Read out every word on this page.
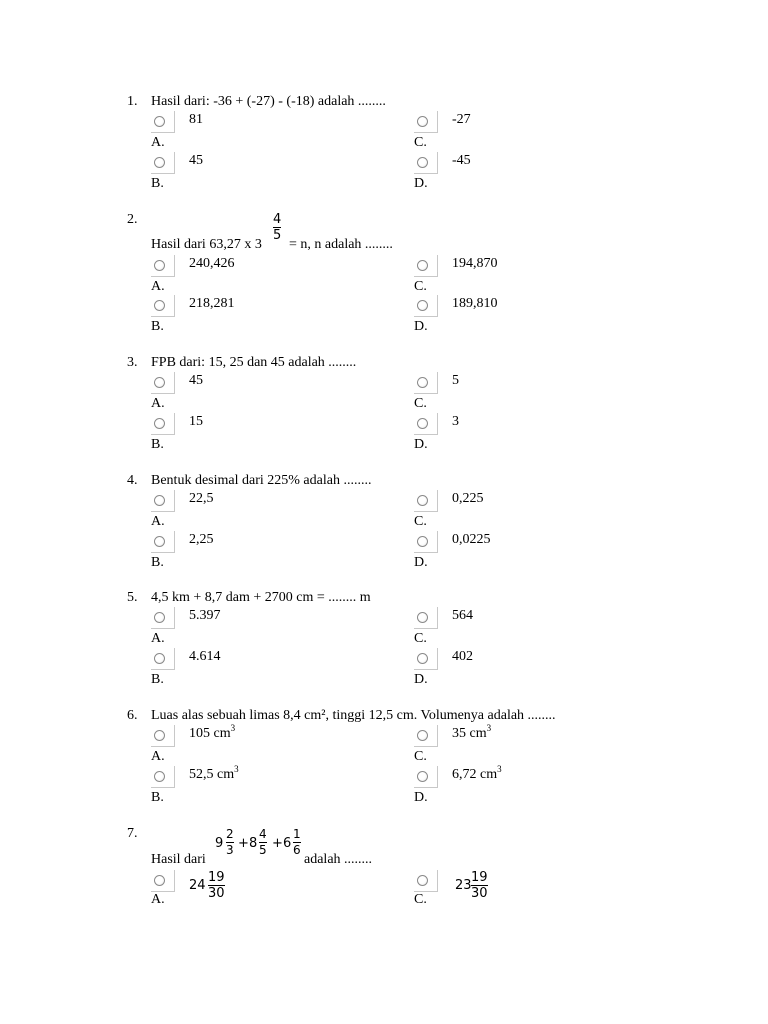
1. Hasil dari: -36 + (-27) - (-18) adalah ........
81
A.
45
B.
-27
C.
-45
D.
2.
Hasil dari 63,27 x 3
4
5
= n, n adalah ........
240,426
A.
218,281
B.
194,870
C.
189,810
D.
3. FPB dari: 15, 25 dan 45 adalah ........
45
A.
15
B.
5
C.
3
D.
4. Bentuk desimal dari 225% adalah ........
22,5
A.
2,25
B.
0,225
C.
0,0225
D.
5. 4,5 km + 8,7 dam + 2700 cm = ........ m
5.397
A.
4.614
B.
564
C.
402
D.
6. Luas alas sebuah limas 8,4 cm², tinggi 12,5 cm. Volumenya adalah ........
105 $cm^3$
A.
52,5 $cm^3$
B.
35 $cm^3$
C.
6,72 $cm^3$
D.
7.
Hasil dari
9
2
3 + 8
4
5 + 6
1
6
adalah ........
24
19
30
A.
23
19
30
C.
